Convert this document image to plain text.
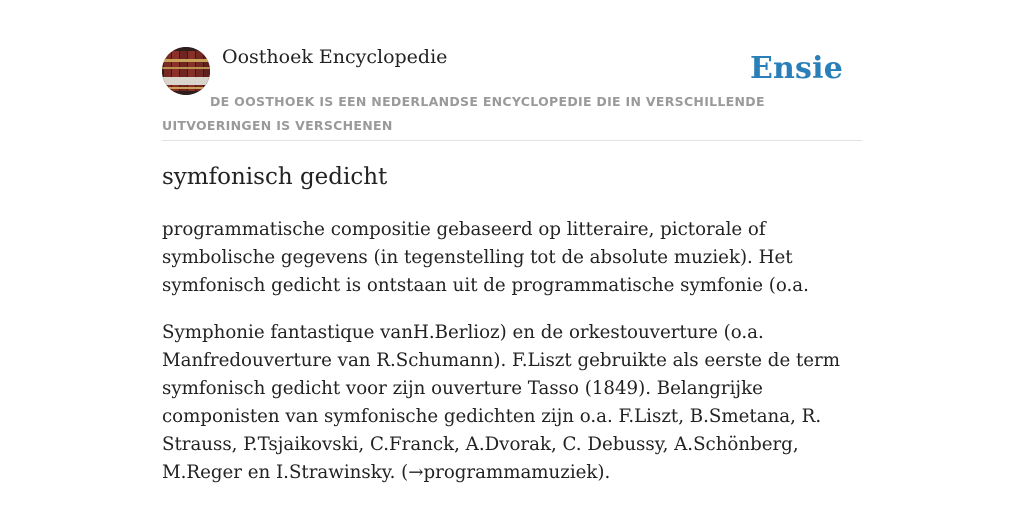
Oosthoek Encyclopedie	Ensie
DE OOSTHOEK IS EEN NEDERLANDSE ENCYCLOPEDIE DIE IN VERSCHILLENDE UITVOERINGEN IS VERSCHENEN
symfonisch gedicht

programmatische compositie gebaseerd op litteraire, pictorale of symbolische gegevens (in tegenstelling tot de absolute muziek). Het symfonisch gedicht is ontstaan uit de programmatische symfonie (o.a.

Symphonie fantastique vanH.Berlioz) en de orkestouverture (o.a. Manfredouverture van R.Schumann). F.Liszt gebruikte als eerste de term symfonisch gedicht voor zijn ouverture Tasso (1849). Belangrijke componisten van symfonische gedichten zijn o.a. F.Liszt, B.Smetana, R. Strauss, P.Tsjaikovski, C.Franck, A.Dvorak, C. Debussy, A.Schönberg, M.Reger en I.Strawinsky. (→programmamuziek).
